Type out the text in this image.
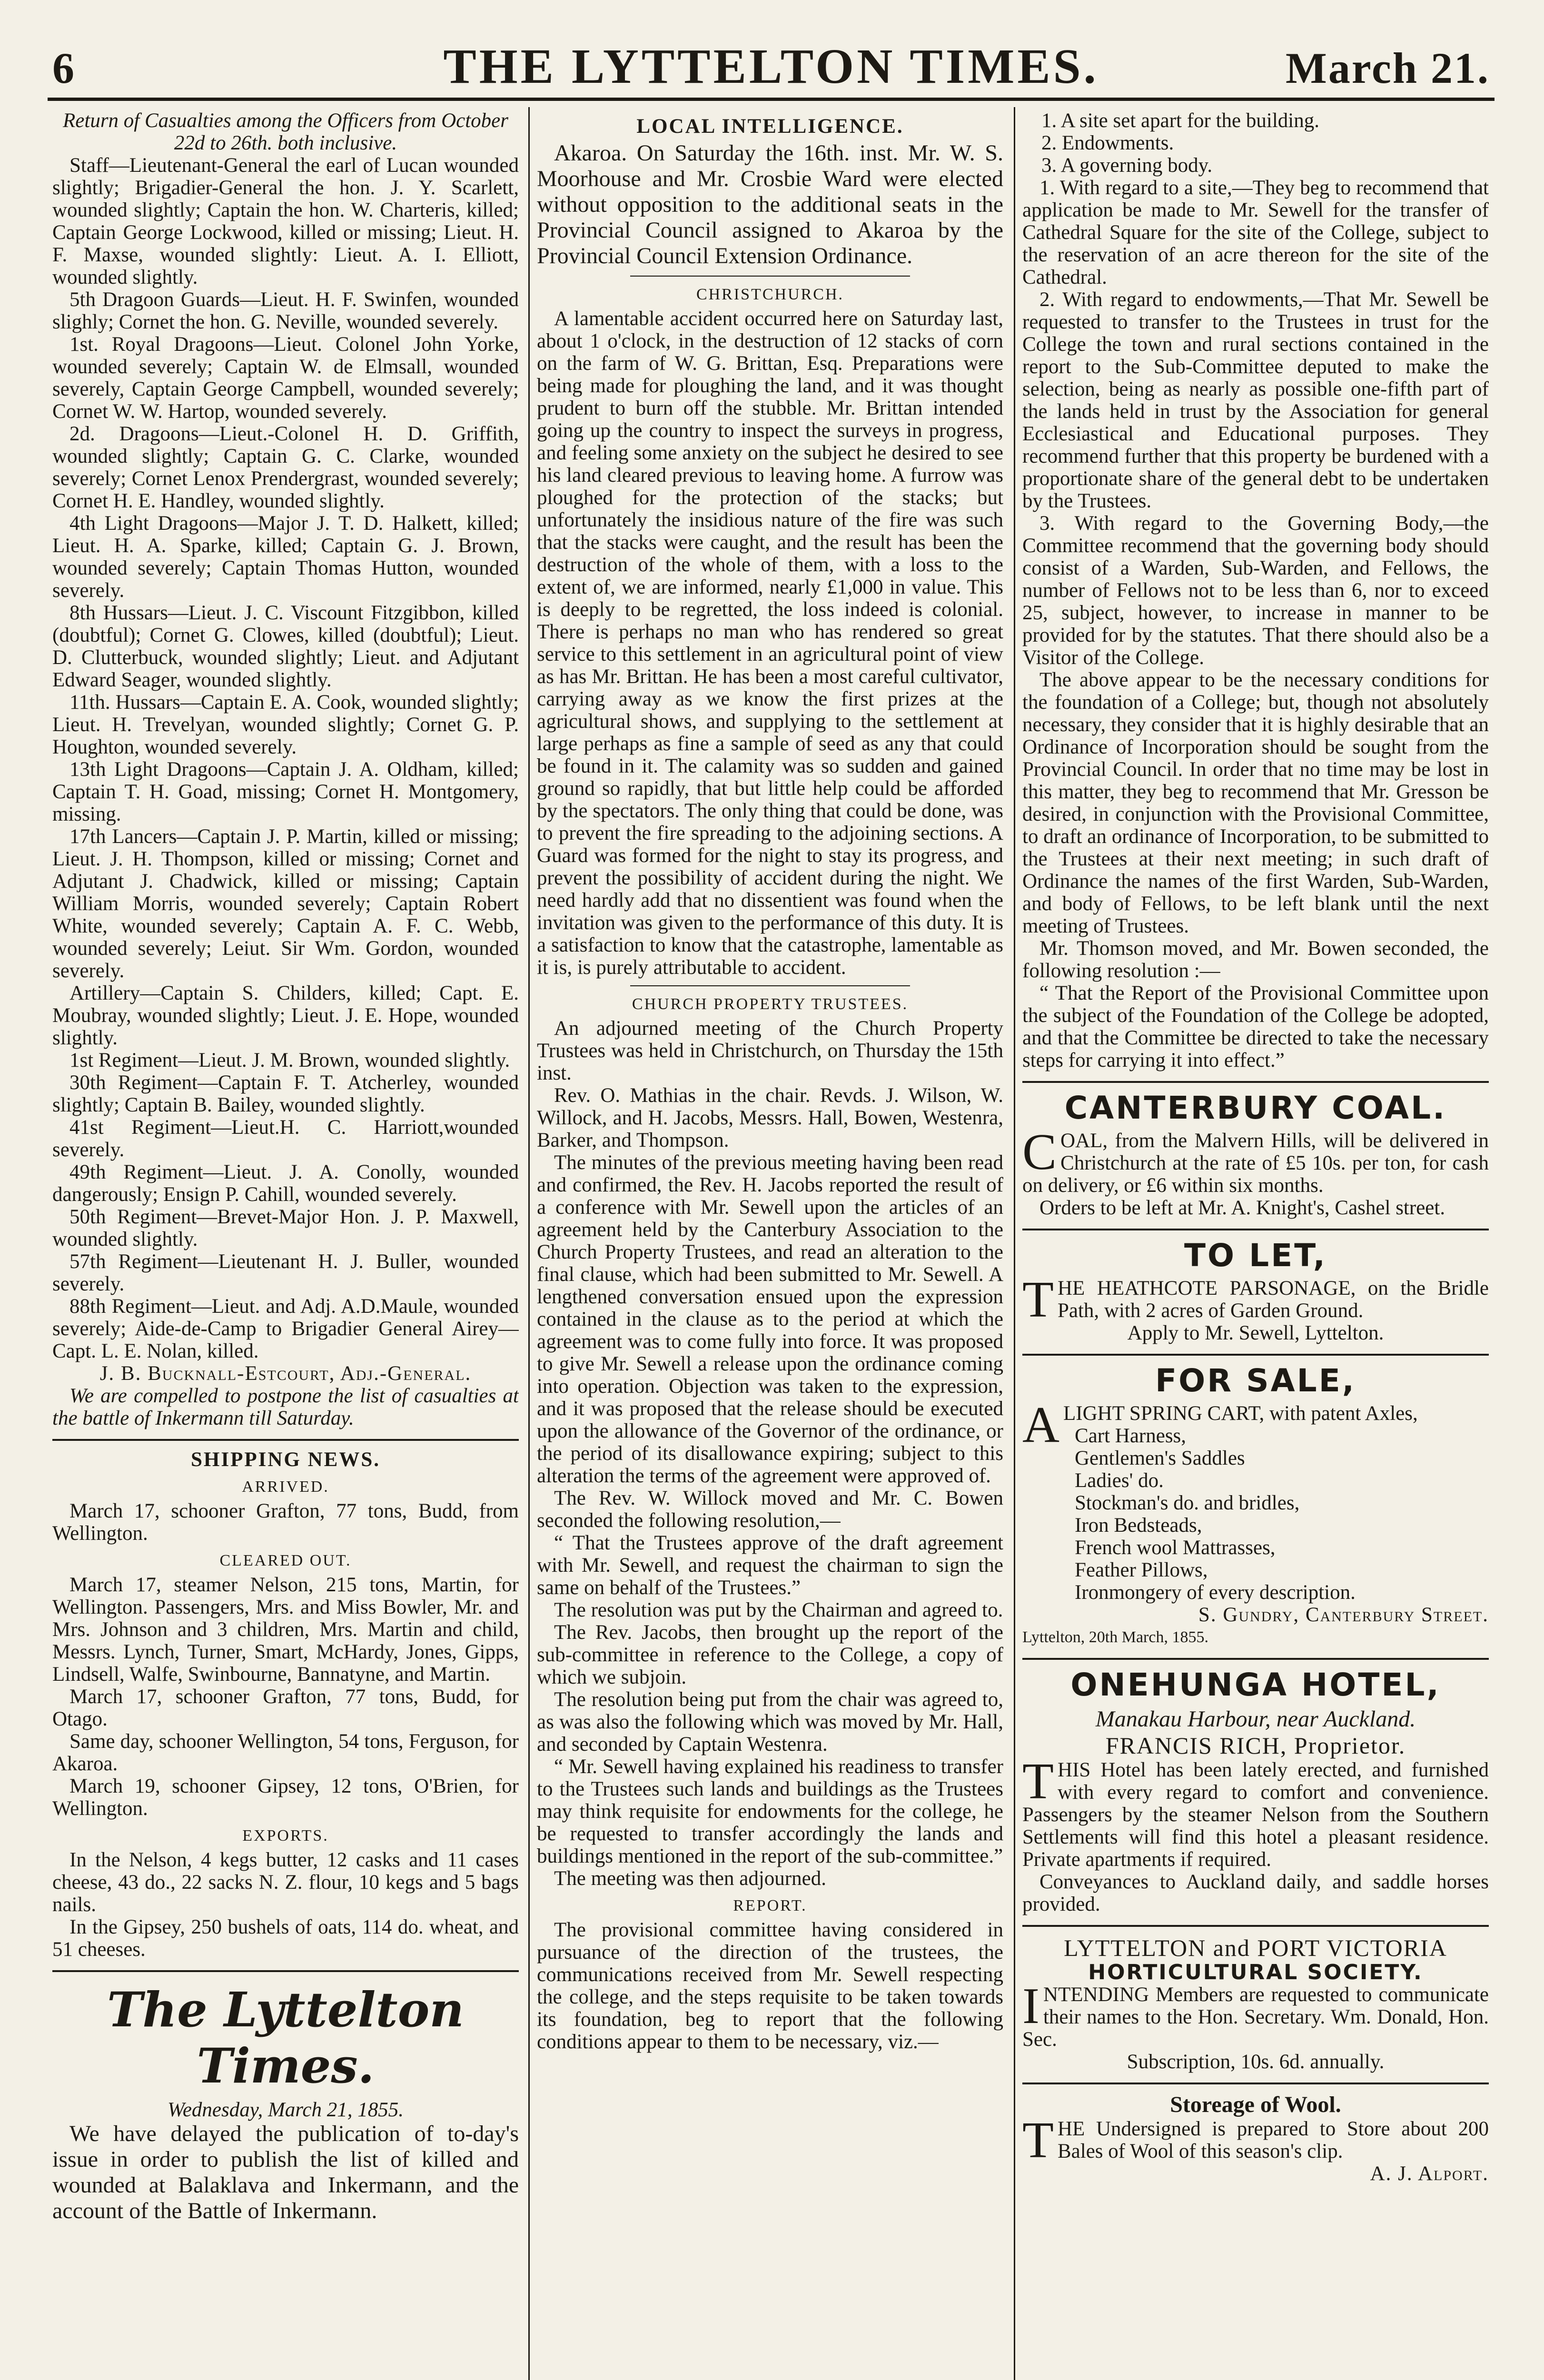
6	THE LYTTELTON TIMES.	March 21.

Return of Casualties among the Officers from October 22d to 26th. both inclusive.

Staff—Lieutenant-General the earl of Lucan wounded slightly; Brigadier-General the hon. J. Y. Scarlett, wounded slightly; Captain the hon. W. Charteris, killed; Captain George Lockwood, killed or missing; Lieut. H. F. Maxse, wounded slightly: Lieut. A. I. Elliott, wounded slightly.

5th Dragoon Guards—Lieut. H. F. Swinfen, wounded slighly; Cornet the hon. G. Neville, wounded severely.

1st. Royal Dragoons—Lieut. Colonel John Yorke, wounded severely; Captain W. de Elmsall, wounded severely, Captain George Campbell, wounded severely; Cornet W. W. Hartop, wounded severely.

2d. Dragoons—Lieut.-Colonel H. D. Griffith, wounded slightly; Captain G. C. Clarke, wounded severely; Cornet Lenox Prendergrast, wounded severely; Cornet H. E. Handley, wounded slightly.

4th Light Dragoons—Major J. T. D. Halkett, killed; Lieut. H. A. Sparke, killed; Captain G. J. Brown, wounded severely; Captain Thomas Hutton, wounded severely.

8th Hussars—Lieut. J. C. Viscount Fitzgibbon, killed (doubtful); Cornet G. Clowes, killed (doubtful); Lieut. D. Clutterbuck, wounded slightly; Lieut. and Adjutant Edward Seager, wounded slightly.

11th. Hussars—Captain E. A. Cook, wounded slightly; Lieut. H. Trevelyan, wounded slightly; Cornet G. P. Houghton, wounded severely.

13th Light Dragoons—Captain J. A. Oldham, killed; Captain T. H. Goad, missing; Cornet H. Montgomery, missing.

17th Lancers—Captain J. P. Martin, killed or missing; Lieut. J. H. Thompson, killed or missing; Cornet and Adjutant J. Chadwick, killed or missing; Captain William Morris, wounded severely; Captain Robert White, wounded severely; Captain A. F. C. Webb, wounded severely; Leiut. Sir Wm. Gordon, wounded severely.

Artillery—Captain S. Childers, killed; Capt. E. Moubray, wounded slightly; Lieut. J. E. Hope, wounded slightly.

1st Regiment—Lieut. J. M. Brown, wounded slightly.

30th Regiment—Captain F. T. Atcherley, wounded slightly; Captain B. Bailey, wounded slightly.

41st Regiment—Lieut.H. C. Harriott,wounded severely.

49th Regiment—Lieut. J. A. Conolly, wounded dangerously; Ensign P. Cahill, wounded severely.

50th Regiment—Brevet-Major Hon. J. P. Maxwell, wounded slightly.

57th Regiment—Lieutenant H. J. Buller, wounded severely.

88th Regiment—Lieut. and Adj. A.D.Maule, wounded severely; Aide-de-Camp to Brigadier General Airey—Capt. L. E. Nolan, killed.

J. B. Bucknall-Estcourt, Adj.-General.

We are compelled to postpone the list of casualties at the battle of Inkermann till Saturday.

SHIPPING NEWS.

ARRIVED.

March 17, schooner Grafton, 77 tons, Budd, from Wellington.

CLEARED OUT.

March 17, steamer Nelson, 215 tons, Martin, for Wellington. Passengers, Mrs. and Miss Bowler, Mr. and Mrs. Johnson and 3 children, Mrs. Martin and child, Messrs. Lynch, Turner, Smart, McHardy, Jones, Gipps, Lindsell, Walfe, Swinbourne, Bannatyne, and Martin.

March 17, schooner Grafton, 77 tons, Budd, for Otago.

Same day, schooner Wellington, 54 tons, Ferguson, for Akaroa.

March 19, schooner Gipsey, 12 tons, O'Brien, for Wellington.

EXPORTS.

In the Nelson, 4 kegs butter, 12 casks and 11 cases cheese, 43 do., 22 sacks N. Z. flour, 10 kegs and 5 bags nails.

In the Gipsey, 250 bushels of oats, 114 do. wheat, and 51 cheeses.

The Lyttelton Times.

Wednesday, March 21, 1855.

We have delayed the publication of to-day's issue in order to publish the list of killed and wounded at Balaklava and Inkermann, and the account of the Battle of Inkermann.

LOCAL INTELLIGENCE.

Akaroa. On Saturday the 16th. inst. Mr. W. S. Moorhouse and Mr. Crosbie Ward were elected without opposition to the additional seats in the Provincial Council assigned to Akaroa by the Provincial Council Extension Ordinance.

CHRISTCHURCH.

A lamentable accident occurred here on Saturday last, about 1 o'clock, in the destruction of 12 stacks of corn on the farm of W. G. Brittan, Esq. Preparations were being made for ploughing the land, and it was thought prudent to burn off the stubble. Mr. Brittan intended going up the country to inspect the surveys in progress, and feeling some anxiety on the subject he desired to see his land cleared previous to leaving home. A furrow was ploughed for the protection of the stacks; but unfortunately the insidious nature of the fire was such that the stacks were caught, and the result has been the destruction of the whole of them, with a loss to the extent of, we are informed, nearly £1,000 in value. This is deeply to be regretted, the loss indeed is colonial. There is perhaps no man who has rendered so great service to this settlement in an agricultural point of view as has Mr. Brittan. He has been a most careful cultivator, carrying away as we know the first prizes at the agricultural shows, and supplying to the settlement at large perhaps as fine a sample of seed as any that could be found in it. The calamity was so sudden and gained ground so rapidly, that but little help could be afforded by the spectators. The only thing that could be done, was to prevent the fire spreading to the adjoining sections. A Guard was formed for the night to stay its progress, and prevent the possibility of accident during the night. We need hardly add that no dissentient was found when the invitation was given to the performance of this duty. It is a satisfaction to know that the catastrophe, lamentable as it is, is purely attributable to accident.

CHURCH PROPERTY TRUSTEES.

An adjourned meeting of the Church Property Trustees was held in Christchurch, on Thursday the 15th inst.

Rev. O. Mathias in the chair. Revds. J. Wilson, W. Willock, and H. Jacobs, Messrs. Hall, Bowen, Westenra, Barker, and Thompson.

The minutes of the previous meeting having been read and confirmed, the Rev. H. Jacobs reported the result of a conference with Mr. Sewell upon the articles of an agreement held by the Canterbury Association to the Church Property Trustees, and read an alteration to the final clause, which had been submitted to Mr. Sewell. A lengthened conversation ensued upon the expression contained in the clause as to the period at which the agreement was to come fully into force. It was proposed to give Mr. Sewell a release upon the ordinance coming into operation. Objection was taken to the expression, and it was proposed that the release should be executed upon the allowance of the Governor of the ordinance, or the period of its disallowance expiring; subject to this alteration the terms of the agreement were approved of.

The Rev. W. Willock moved and Mr. C. Bowen seconded the following resolution,—

“ That the Trustees approve of the draft agreement with Mr. Sewell, and request the chairman to sign the same on behalf of the Trustees.”

The resolution was put by the Chairman and agreed to.

The Rev. Jacobs, then brought up the report of the sub-committee in reference to the College, a copy of which we subjoin.

The resolution being put from the chair was agreed to, as was also the following which was moved by Mr. Hall, and seconded by Captain Westenra.

“ Mr. Sewell having explained his readiness to transfer to the Trustees such lands and buildings as the Trustees may think requisite for endowments for the college, he be requested to transfer accordingly the lands and buildings mentioned in the report of the sub-committee.”

The meeting was then adjourned.

REPORT.

The provisional committee having considered in pursuance of the direction of the trustees, the communications received from Mr. Sewell respecting the college, and the steps requisite to be taken towards its foundation, beg to report that the following conditions appear to them to be necessary, viz.—

1. A site set apart for the building.

2. Endowments.

3. A governing body.

1. With regard to a site,—They beg to recommend that application be made to Mr. Sewell for the transfer of Cathedral Square for the site of the College, subject to the reservation of an acre thereon for the site of the Cathedral.

2. With regard to endowments,—That Mr. Sewell be requested to transfer to the Trustees in trust for the College the town and rural sections contained in the report to the Sub-Committee deputed to make the selection, being as nearly as possible one-fifth part of the lands held in trust by the Association for general Ecclesiastical and Educational purposes. They recommend further that this property be burdened with a proportionate share of the general debt to be undertaken by the Trustees.

3. With regard to the Governing Body,—the Committee recommend that the governing body should consist of a Warden, Sub-Warden, and Fellows, the number of Fellows not to be less than 6, nor to exceed 25, subject, however, to increase in manner to be provided for by the statutes. That there should also be a Visitor of the College.

The above appear to be the necessary conditions for the foundation of a College; but, though not absolutely necessary, they consider that it is highly desirable that an Ordinance of Incorporation should be sought from the Provincial Council. In order that no time may be lost in this matter, they beg to recommend that Mr. Gresson be desired, in conjunction with the Provisional Committee, to draft an ordinance of Incorporation, to be submitted to the Trustees at their next meeting; in such draft of Ordinance the names of the first Warden, Sub-Warden, and body of Fellows, to be left blank until the next meeting of Trustees.

Mr. Thomson moved, and Mr. Bowen seconded, the following resolution :—

“ That the Report of the Provisional Committee upon the subject of the Foundation of the College be adopted, and that the Committee be directed to take the necessary steps for carrying it into effect.”

CANTERBURY COAL.

COAL, from the Malvern Hills, will be delivered in Christchurch at the rate of £5 10s. per ton, for cash on delivery, or £6 within six months.

Orders to be left at Mr. A. Knight's, Cashel street.

TO LET,

THE HEATHCOTE PARSONAGE, on the Bridle Path, with 2 acres of Garden Ground.

Apply to Mr. Sewell, Lyttelton.

FOR SALE,

ALIGHT SPRING CART, with patent Axles,

Cart Harness,

Gentlemen's Saddles

Ladies' do.

Stockman's do. and bridles,

Iron Bedsteads,

French wool Mattrasses,

Feather Pillows,

Ironmongery of every description.

S. Gundry, Canterbury Street.

Lyttelton, 20th March, 1855.

ONEHUNGA HOTEL,

Manakau Harbour, near Auckland.

FRANCIS RICH, Proprietor.

THIS Hotel has been lately erected, and furnished with every regard to comfort and convenience. Passengers by the steamer Nelson from the Southern Settlements will find this hotel a pleasant residence. Private apartments if required.

Conveyances to Auckland daily, and saddle horses provided.

LYTTELTON and PORT VICTORIA

HORTICULTURAL SOCIETY.

INTENDING Members are requested to communicate their names to the Hon. Secretary. Wm. Donald, Hon. Sec.

Subscription, 10s. 6d. annually.

Storeage of Wool.

THE Undersigned is prepared to Store about 200 Bales of Wool of this season's clip.

A. J. Alport.
